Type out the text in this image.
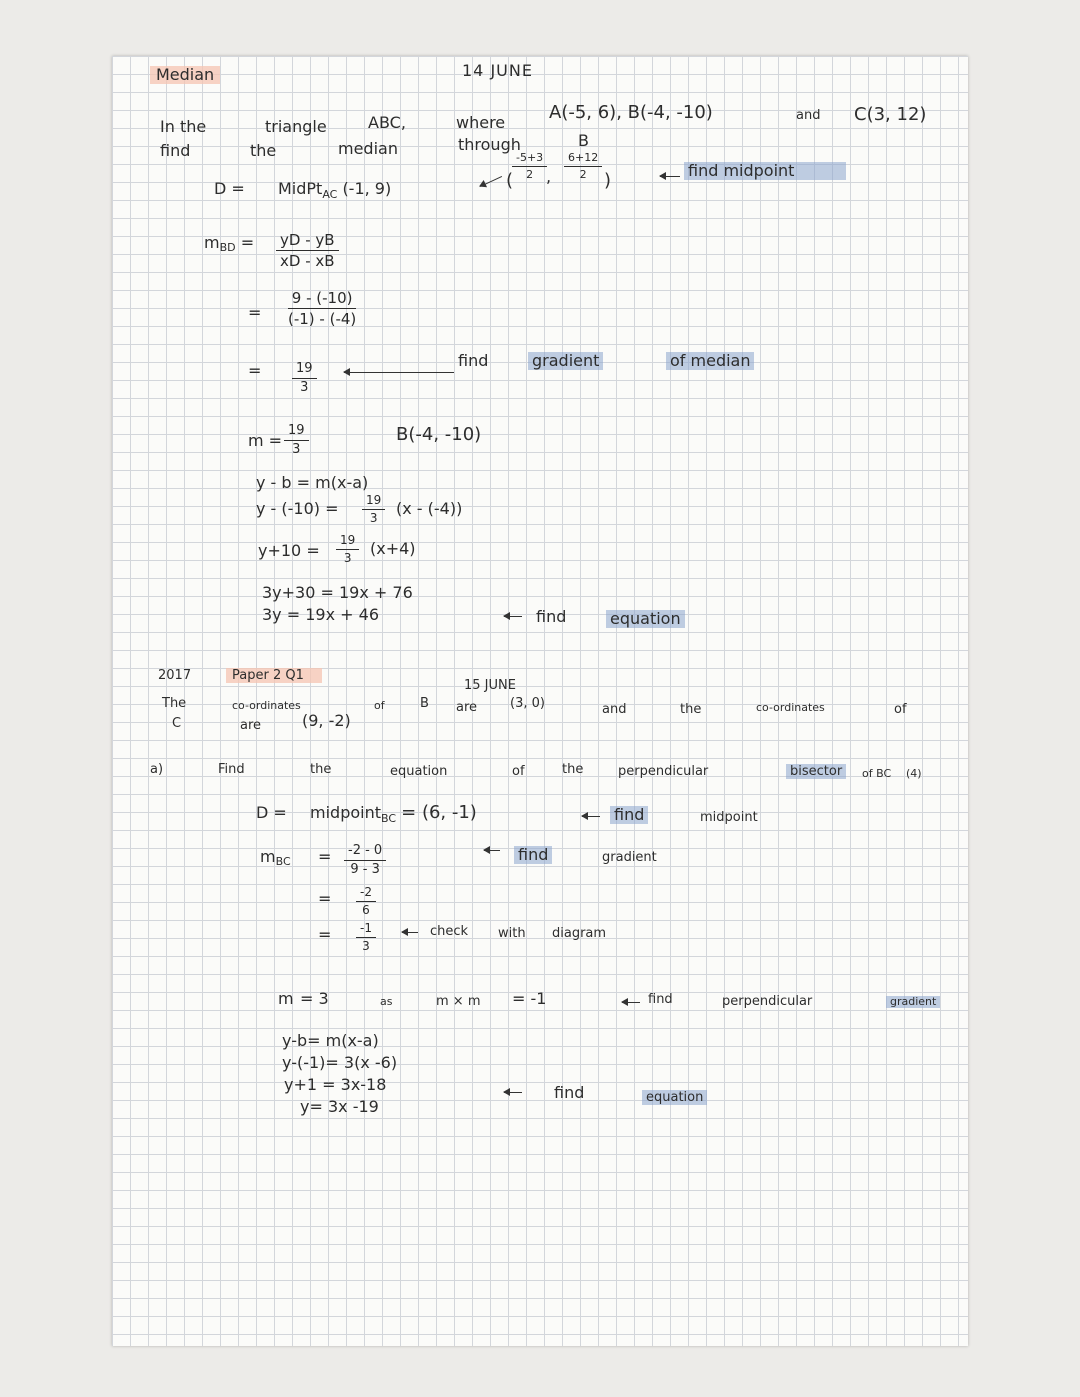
Median	14 JUNE
In the	triangle	ABC,	where A(-5, 6), B(-4, -10)	and C(3, 12)
find	the	median	through	B
D = MidPt$_{AC}$ (-1, 9)	(
$\frac{-5+3}{2}$
, $\frac{6+12}{2}$ )	find midpoint
mBD = $\frac{yD - yB}{xD - xB}$
= $\frac{9 - (-10)}{(-1) - (-4)}$
= $\frac{19}{3}$
find	gradient	of median
$m = \frac{19}{3}$	B(-4, -10)
y - b = m(x-a)
$y - (-10) = \frac{19}{3} (x - (-4))$
$y+10 = \frac{19}{3} (x+4)$
3y+30 = 19x + 76
3y = 19x + 46	find	equation
2017	Paper 2 Q1
15 JUNE
The	co-ordinates	of	B are	(3, 0)	and	the	co-ordinates	of
C	are	(9, -2)
a)	Find	the	equation	of	the	perpendicular	bisector	of BC (4)
D = midpoint$_{BC}$ = (6, -1)	find	midpoint
mBC = $\frac{-2 - 0}{9 - 3}$	find	gradient
= $\frac{-2}{6}$
= $\frac{-1}{3}$	check with diagram
m = 3	as	m × m = -1	find	perpendicular	gradient
y-b= m(x-a)
y-(-1)= 3(x -6)
y+1 = 3x-18
y= 3x -19
find	equation
